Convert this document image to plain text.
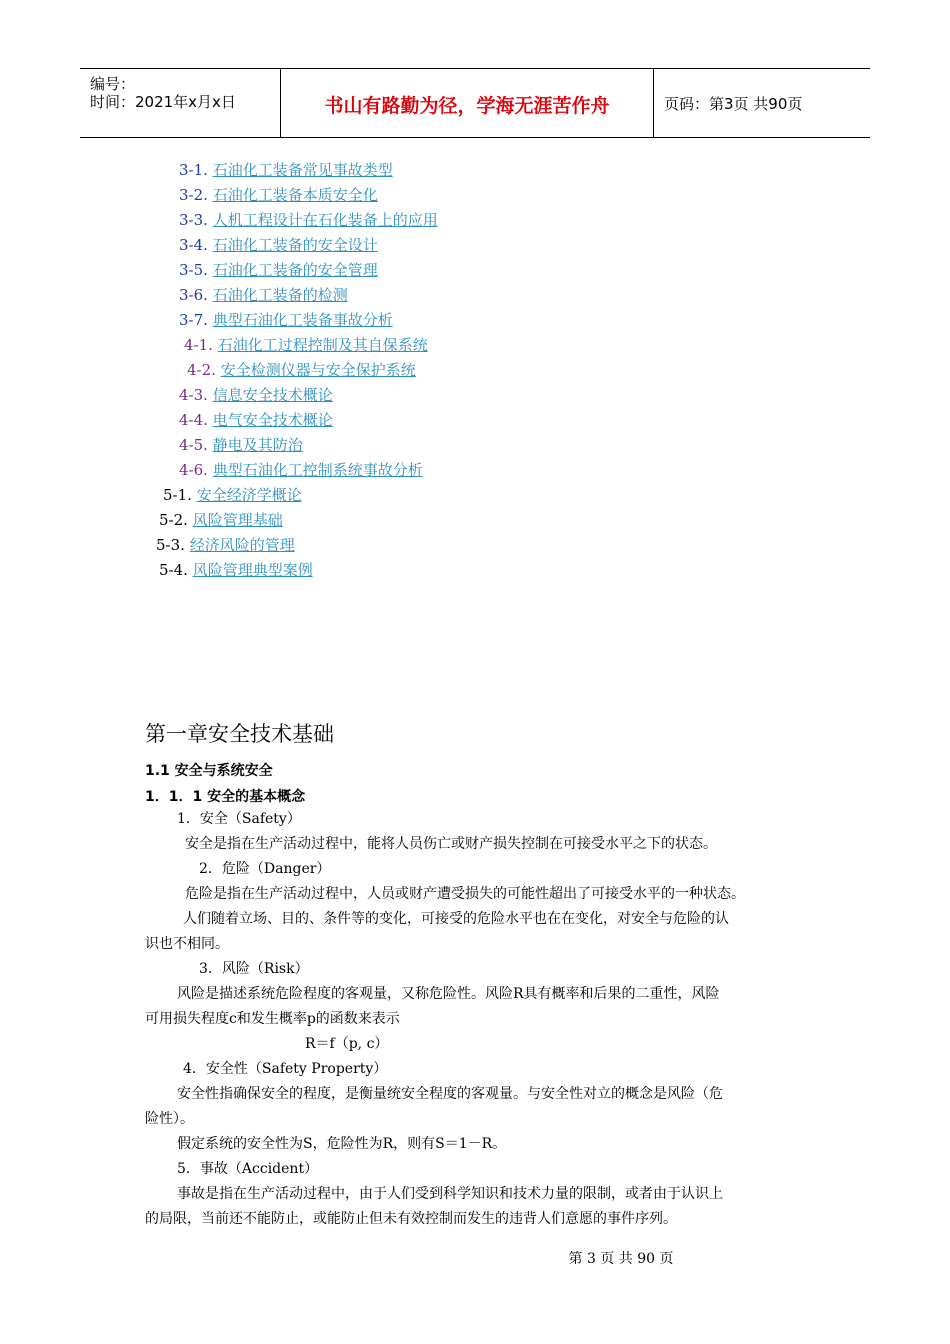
编号：
时间：2021年x月x日	书山有路勤为径，学海无涯苦作舟	页码：第3页 共90页
3-1. 石油化工装备常见事故类型
3-2. 石油化工装备本质安全化
3-3. 人机工程设计在石化装备上的应用
3-4. 石油化工装备的安全设计
3-5. 石油化工装备的安全管理
3-6. 石油化工装备的检测
3-7. 典型石油化工装备事故分析
4-1. 石油化工过程控制及其自保系统
4-2. 安全检测仪器与安全保护系统
4-3. 信息安全技术概论
4-4. 电气安全技术概论
4-5. 静电及其防治
4-6. 典型石油化工控制系统事故分析
5-1. 安全经济学概论
5-2. 风险管理基础
5-3. 经济风险的管理
5-4. 风险管理典型案例
第一章安全技术基础
1.1 安全与系统安全
1．1．1 安全的基本概念
1．安全（Safety）
安全是指在生产活动过程中，能将人员伤亡或财产损失控制在可接受水平之下的状态。
2．危险（Danger）
危险是指在生产活动过程中，人员或财产遭受损失的可能性超出了可接受水平的一种状态。
人们随着立场、目的、条件等的变化，可接受的危险水平也在在变化，对安全与危险的认
识也不相同。
3．风险（Risk）
风险是描述系统危险程度的客观量，又称危险性。风险R具有概率和后果的二重性，风险
可用损失程度c和发生概率p的函数来表示
R＝f（p, c）
4．安全性（Safety Property）
安全性指确保安全的程度，是衡量统安全程度的客观量。与安全性对立的概念是风险（危
险性）。
假定系统的安全性为S，危险性为R，则有S＝1－R。
5．事故（Accident）
事故是指在生产活动过程中，由于人们受到科学知识和技术力量的限制，或者由于认识上
的局限，当前还不能防止，或能防止但未有效控制而发生的违背人们意愿的事件序列。
第 3 页 共 90 页
